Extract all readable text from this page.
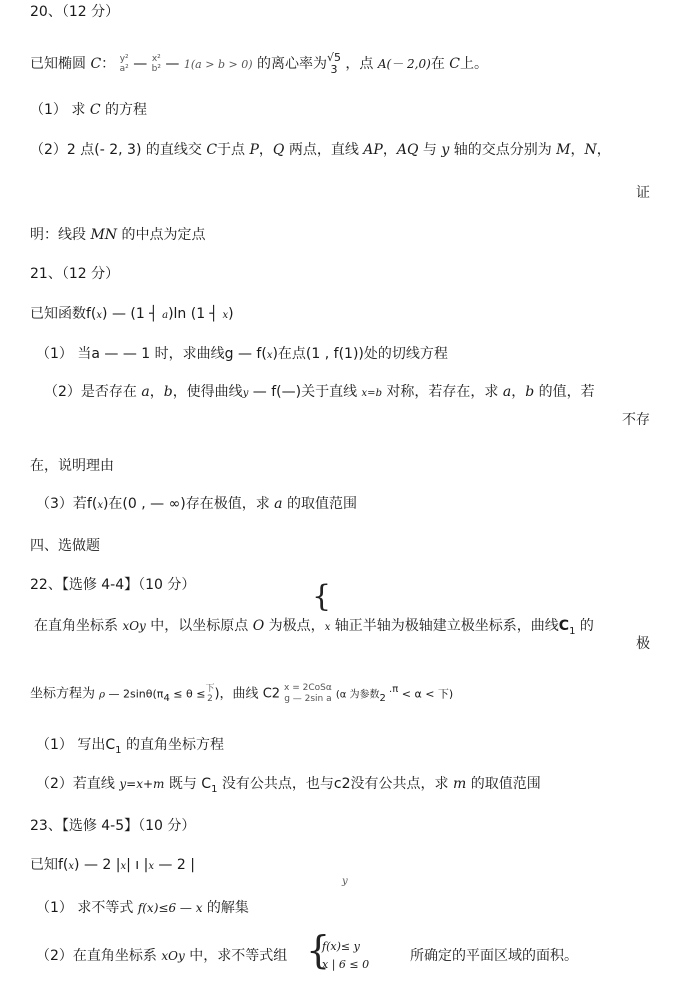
20、（12 分）
已知椭圆 C： y²
a² — x²
b² — 1(a > b > 0) 的离心率为 √5
3 ，点 A(－ 2,0)在 C上。
（1） 求 C 的方程
（2）2 点(- 2, 3) 的直线交 C于点 P，Q 两点，直线 AP，AQ 与 y 轴的交点分别为 M，N，
证
明：线段 MN 的中点为定点
21、（12 分）
已知函数f(x) — (1 ┤ a)ln (1 ┤ x)
（1） 当a — — 1 时，求曲线g — f(x)在点(1 , f(1))处的切线方程
（2）是否存在 a，b，使得曲线y — f(—)关于直线 x=b 对称，若存在，求 a，b 的值，若
不存
在，说明理由
（3）若f(x)在(0 , — ∞)存在极值，求 a 的取值范围
四、选做题
22、【选修 4-4】（10 分）	{
在直角坐标系 xOy 中，以坐标原点 O 为极点，x 轴正半轴为极轴建立极坐标系，曲线$C_1$ 的
极
坐标方程为 ρ — $2\sin\theta(\pi_4 \le \theta$ ≤ 下
2 )，曲线 C2 x = 2CoSα
g — 2sin a (α 为参数$_2$ $^{.\pi}$ < α < 下)
（1） 写出$C_1$ 的直角坐标方程
（2）若直线 y=x+m 既与 $C_1$ 没有公共点，也与c2没有公共点，求 m 的取值范围
23、【选修 4-5】（10 分）
已知f(x) — 2 |x| ı |x — 2 |
y
（1） 求不等式 f(x)≤6 — x 的解集
（2）在直角坐标系 xOy 中，求不等式组 {
f(x)≤ y
x | 6 ≤ 0
所确定的平面区域的面积。
